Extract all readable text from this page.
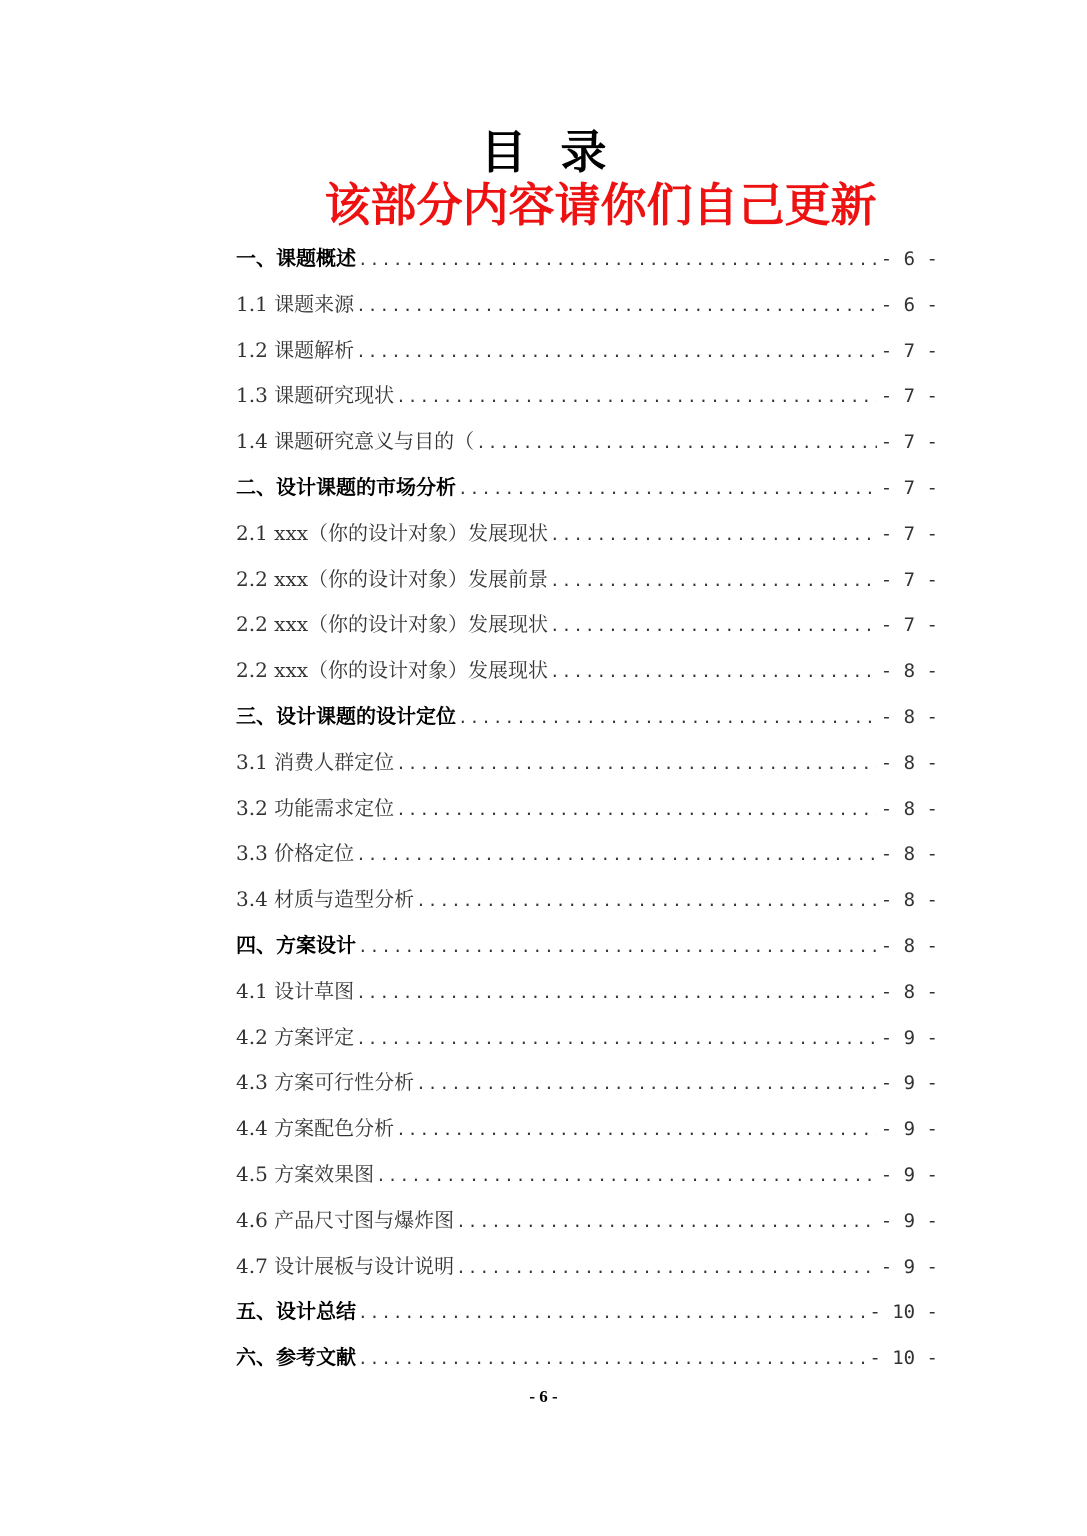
目录
该部分内容请你们自己更新
一、课题概述 .....	- 6 -
1.1 课题来源 .....	- 6 -
1.2 课题解析 .....	- 7 -
1.3 课题研究现状 .....	- 7 -
1.4 课题研究意义与目的（ .....	- 7 -
二、设计课题的市场分析 .....	- 7 -
2.1 xxx（你的设计对象）发展现状 .....	- 7 -
2.2 xxx（你的设计对象）发展前景 .....	- 7 -
2.2 xxx（你的设计对象）发展现状 .....	- 7 -
2.2 xxx（你的设计对象）发展现状 .....	- 8 -
三、设计课题的设计定位 .....	- 8 -
3.1 消费人群定位 .....	- 8 -
3.2 功能需求定位 .....	- 8 -
3.3 价格定位 .....	- 8 -
3.4 材质与造型分析 .....	- 8 -
四、方案设计 .....	- 8 -
4.1 设计草图 .....	- 8 -
4.2 方案评定 .....	- 9 -
4.3 方案可行性分析 .....	- 9 -
4.4 方案配色分析 .....	- 9 -
4.5 方案效果图 .....	- 9 -
4.6 产品尺寸图与爆炸图 .....	- 9 -
4.7 设计展板与设计说明 .....	- 9 -
五、设计总结 .....	- 10 -
六、参考文献 .....	- 10 -
- 6 -
